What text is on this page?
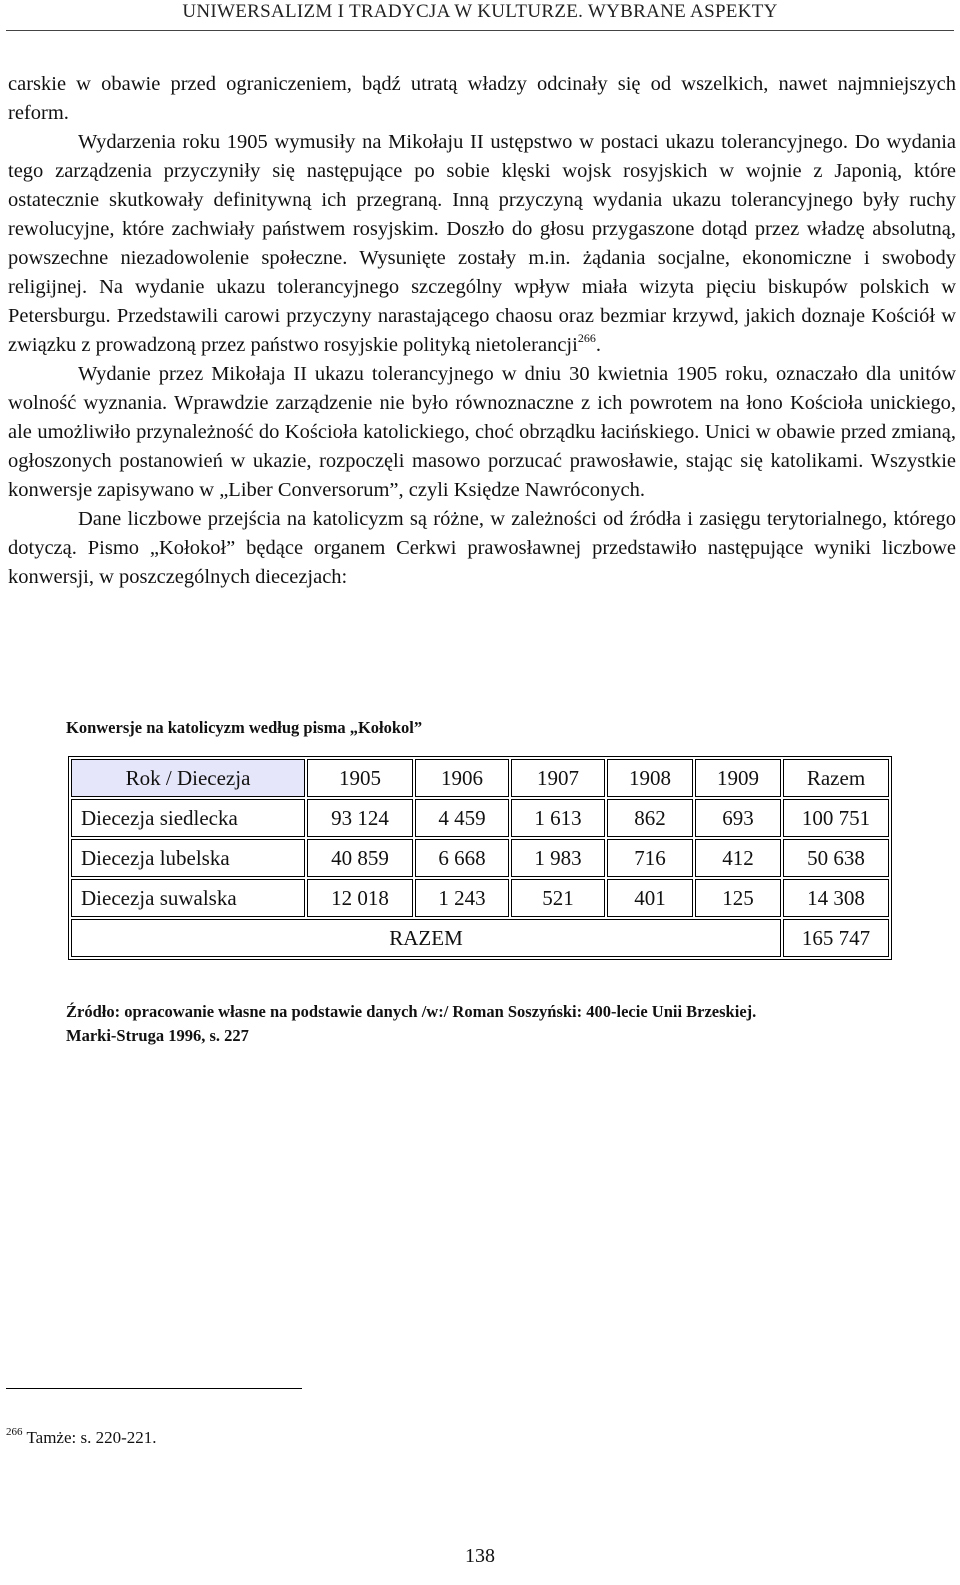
UNIWERSALIZM I TRADYCJA W KULTURZE. WYBRANE ASPEKTY

carskie w obawie przed ograniczeniem, bądź utratą władzy odcinały się od wszelkich, nawet najmniejszych reform.

Wydarzenia roku 1905 wymusiły na Mikołaju II ustępstwo w postaci ukazu tolerancyjnego. Do wydania tego zarządzenia przyczyniły się następujące po sobie klęski wojsk rosyjskich w wojnie z Japonią, które ostatecznie skutkowały definitywną ich przegraną. Inną przyczyną wydania ukazu tolerancyjnego były ruchy rewolucyjne, które zachwiały państwem rosyjskim. Doszło do głosu przygaszone dotąd przez władzę absolutną, powszechne niezadowolenie społeczne. Wysunięte zostały m.in. żądania socjalne, ekonomiczne i swobody religijnej. Na wydanie ukazu tolerancyjnego szczególny wpływ miała wizyta pięciu biskupów polskich w Petersburgu. Przedstawili carowi przyczyny narastającego chaosu oraz bezmiar krzywd, jakich doznaje Kościół w związku z prowadzoną przez państwo rosyjskie polityką nietolerancji$^{266}$.

Wydanie przez Mikołaja II ukazu tolerancyjnego w dniu 30 kwietnia 1905 roku, oznaczało dla unitów wolność wyznania. Wprawdzie zarządzenie nie było równoznaczne z ich powrotem na łono Kościoła unickiego, ale umożliwiło przynależność do Kościoła katolickiego, choć obrządku łacińskiego. Unici w obawie przed zmianą, ogłoszonych postanowień w ukazie, rozpoczęli masowo porzucać prawosławie, stając się katolikami. Wszystkie konwersje zapisywano w „Liber Conversorum”, czyli Księdze Nawróconych.

Dane liczbowe przejścia na katolicyzm są różne, w zależności od źródła i zasięgu terytorialnego, którego dotyczą. Pismo „Kołokoł” będące organem Cerkwi prawosławnej przedstawiło następujące wyniki liczbowe konwersji, w poszczególnych diecezjach:

Konwersje na katolicyzm według pisma „Kołokol”
Rok / Diecezja	1905	1906	1907	1908	1909	Razem
Diecezja siedlecka	93 124	4 459	1 613	862	693	100 751
Diecezja lubelska	40 859	6 668	1 983	716	412	50 638
Diecezja suwalska	12 018	1 243	521	401	125	14 308
RAZEM						165 747
Źródło: opracowanie własne na podstawie danych /w:/ Roman Soszyński: 400-lecie Unii Brzeskiej.
Marki-Struga 1996, s. 227
$^{266}$ Tamże: s. 220-221.
138
